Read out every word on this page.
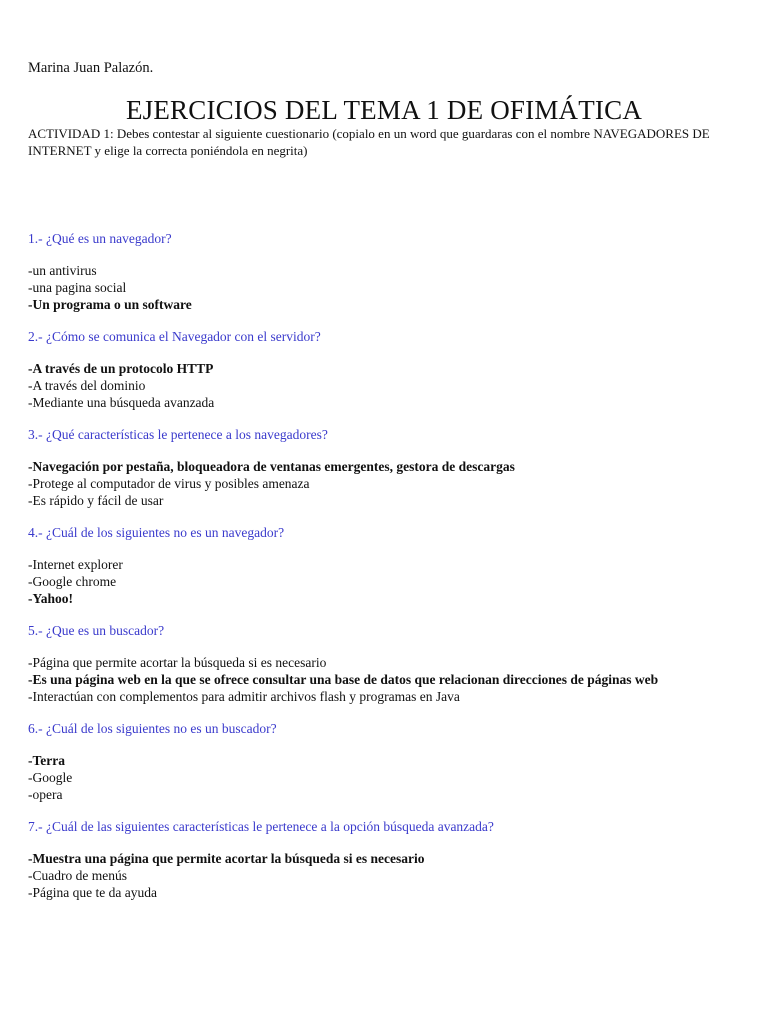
Marina Juan Palazón.
EJERCICIOS DEL TEMA 1 DE OFIMÁTICA
ACTIVIDAD 1: Debes contestar al siguiente cuestionario (copialo en un word que guardaras con el nombre NAVEGADORES DE INTERNET y elige la correcta poniéndola en negrita)

1.- ¿Qué es un navegador?

-un antivirus

-una pagina social

-Un programa o un software

2.- ¿Cómo se comunica el Navegador con el servidor?

-A través de un protocolo HTTP

-A través del dominio

-Mediante una búsqueda avanzada

3.- ¿Qué características le pertenece a los navegadores?

-Navegación por pestaña, bloqueadora de ventanas emergentes, gestora de descargas

-Protege al computador de virus y posibles amenaza

-Es rápido y fácil de usar

4.- ¿Cuál de los siguientes no es un navegador?

-Internet explorer

-Google chrome

-Yahoo!

5.- ¿Que es un buscador?

-Página que permite acortar la búsqueda si es necesario

-Es una página web en la que se ofrece consultar una base de datos que relacionan direcciones de páginas web

-Interactúan con complementos para admitir archivos flash y programas en Java

6.- ¿Cuál de los siguientes no es un buscador?

-Terra

-Google

-opera

7.- ¿Cuál de las siguientes características le pertenece a la opción búsqueda avanzada?

-Muestra una página que permite acortar la búsqueda si es necesario

-Cuadro de menús

-Página que te da ayuda
